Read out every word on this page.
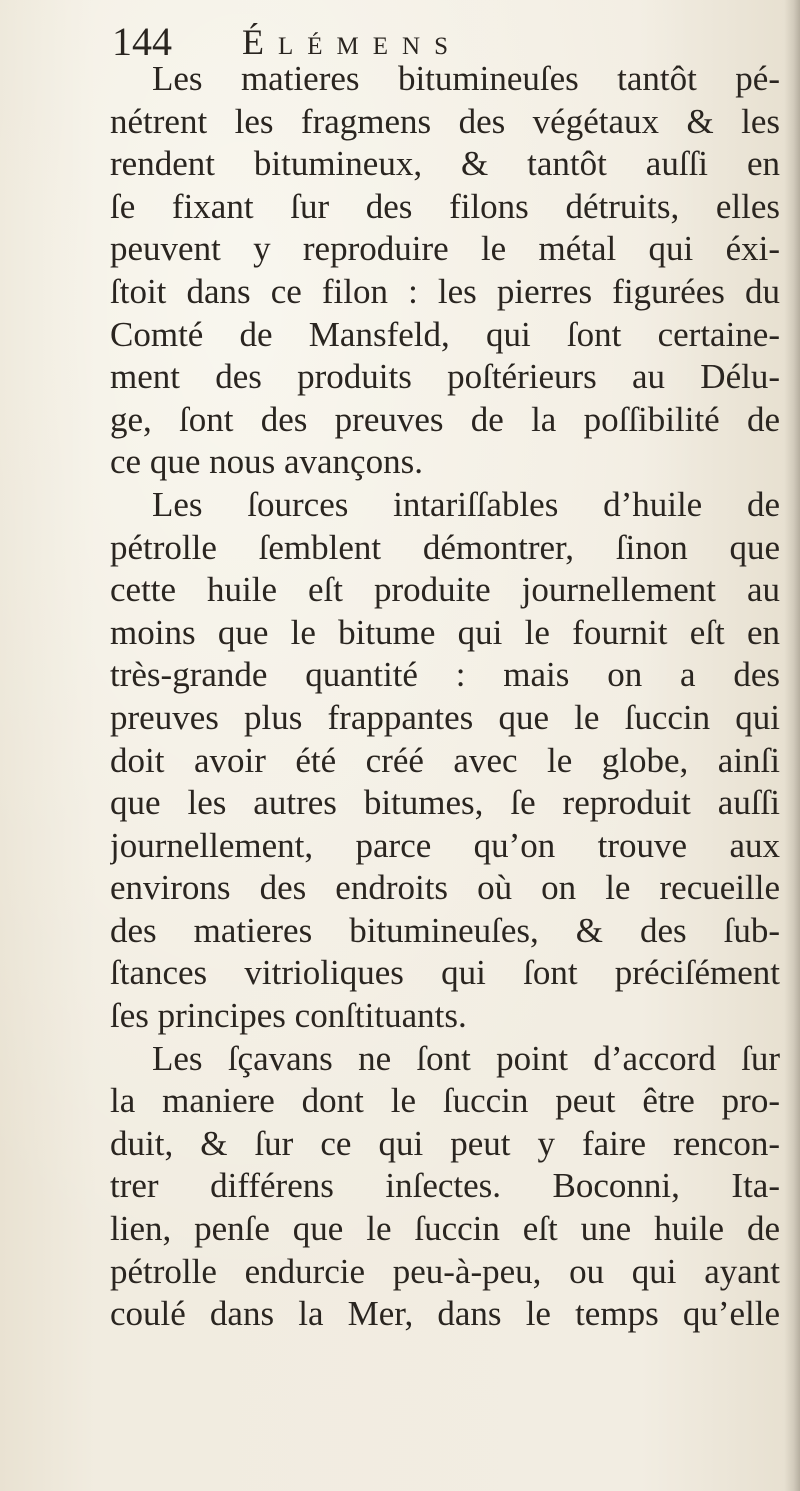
144 Élémens
Les matieres bitumineuſes tantôt pé-
nétrent les fragmens des végétaux & les
rendent bitumineux, & tantôt auſſi en
ſe fixant ſur des filons détruits, elles
peuvent y reproduire le métal qui éxi-
ſtoit dans ce filon : les pierres figurées du
Comté de Mansfeld, qui ſont certaine-
ment des produits poſtérieurs au Délu-
ge, ſont des preuves de la poſſibilité de
ce que nous avançons.
Les ſources intariſſables d’huile de
pétrolle ſemblent démontrer, ſinon que
cette huile eſt produite journellement au
moins que le bitume qui le fournit eſt en
très-grande quantité : mais on a des
preuves plus frappantes que le ſuccin qui
doit avoir été créé avec le globe, ainſi
que les autres bitumes, ſe reproduit auſſi
journellement, parce qu’on trouve aux
environs des endroits où on le recueille
des matieres bitumineuſes, & des ſub-
ſtances vitrioliques qui ſont préciſément
ſes principes conſtituants.
Les ſçavans ne ſont point d’accord ſur
la maniere dont le ſuccin peut être pro-
duit, & ſur ce qui peut y faire rencon-
trer différens inſectes. Boconni, Ita-
lien, penſe que le ſuccin eſt une huile de
pétrolle endurcie peu-à-peu, ou qui ayant
coulé dans la Mer, dans le temps qu’elle
